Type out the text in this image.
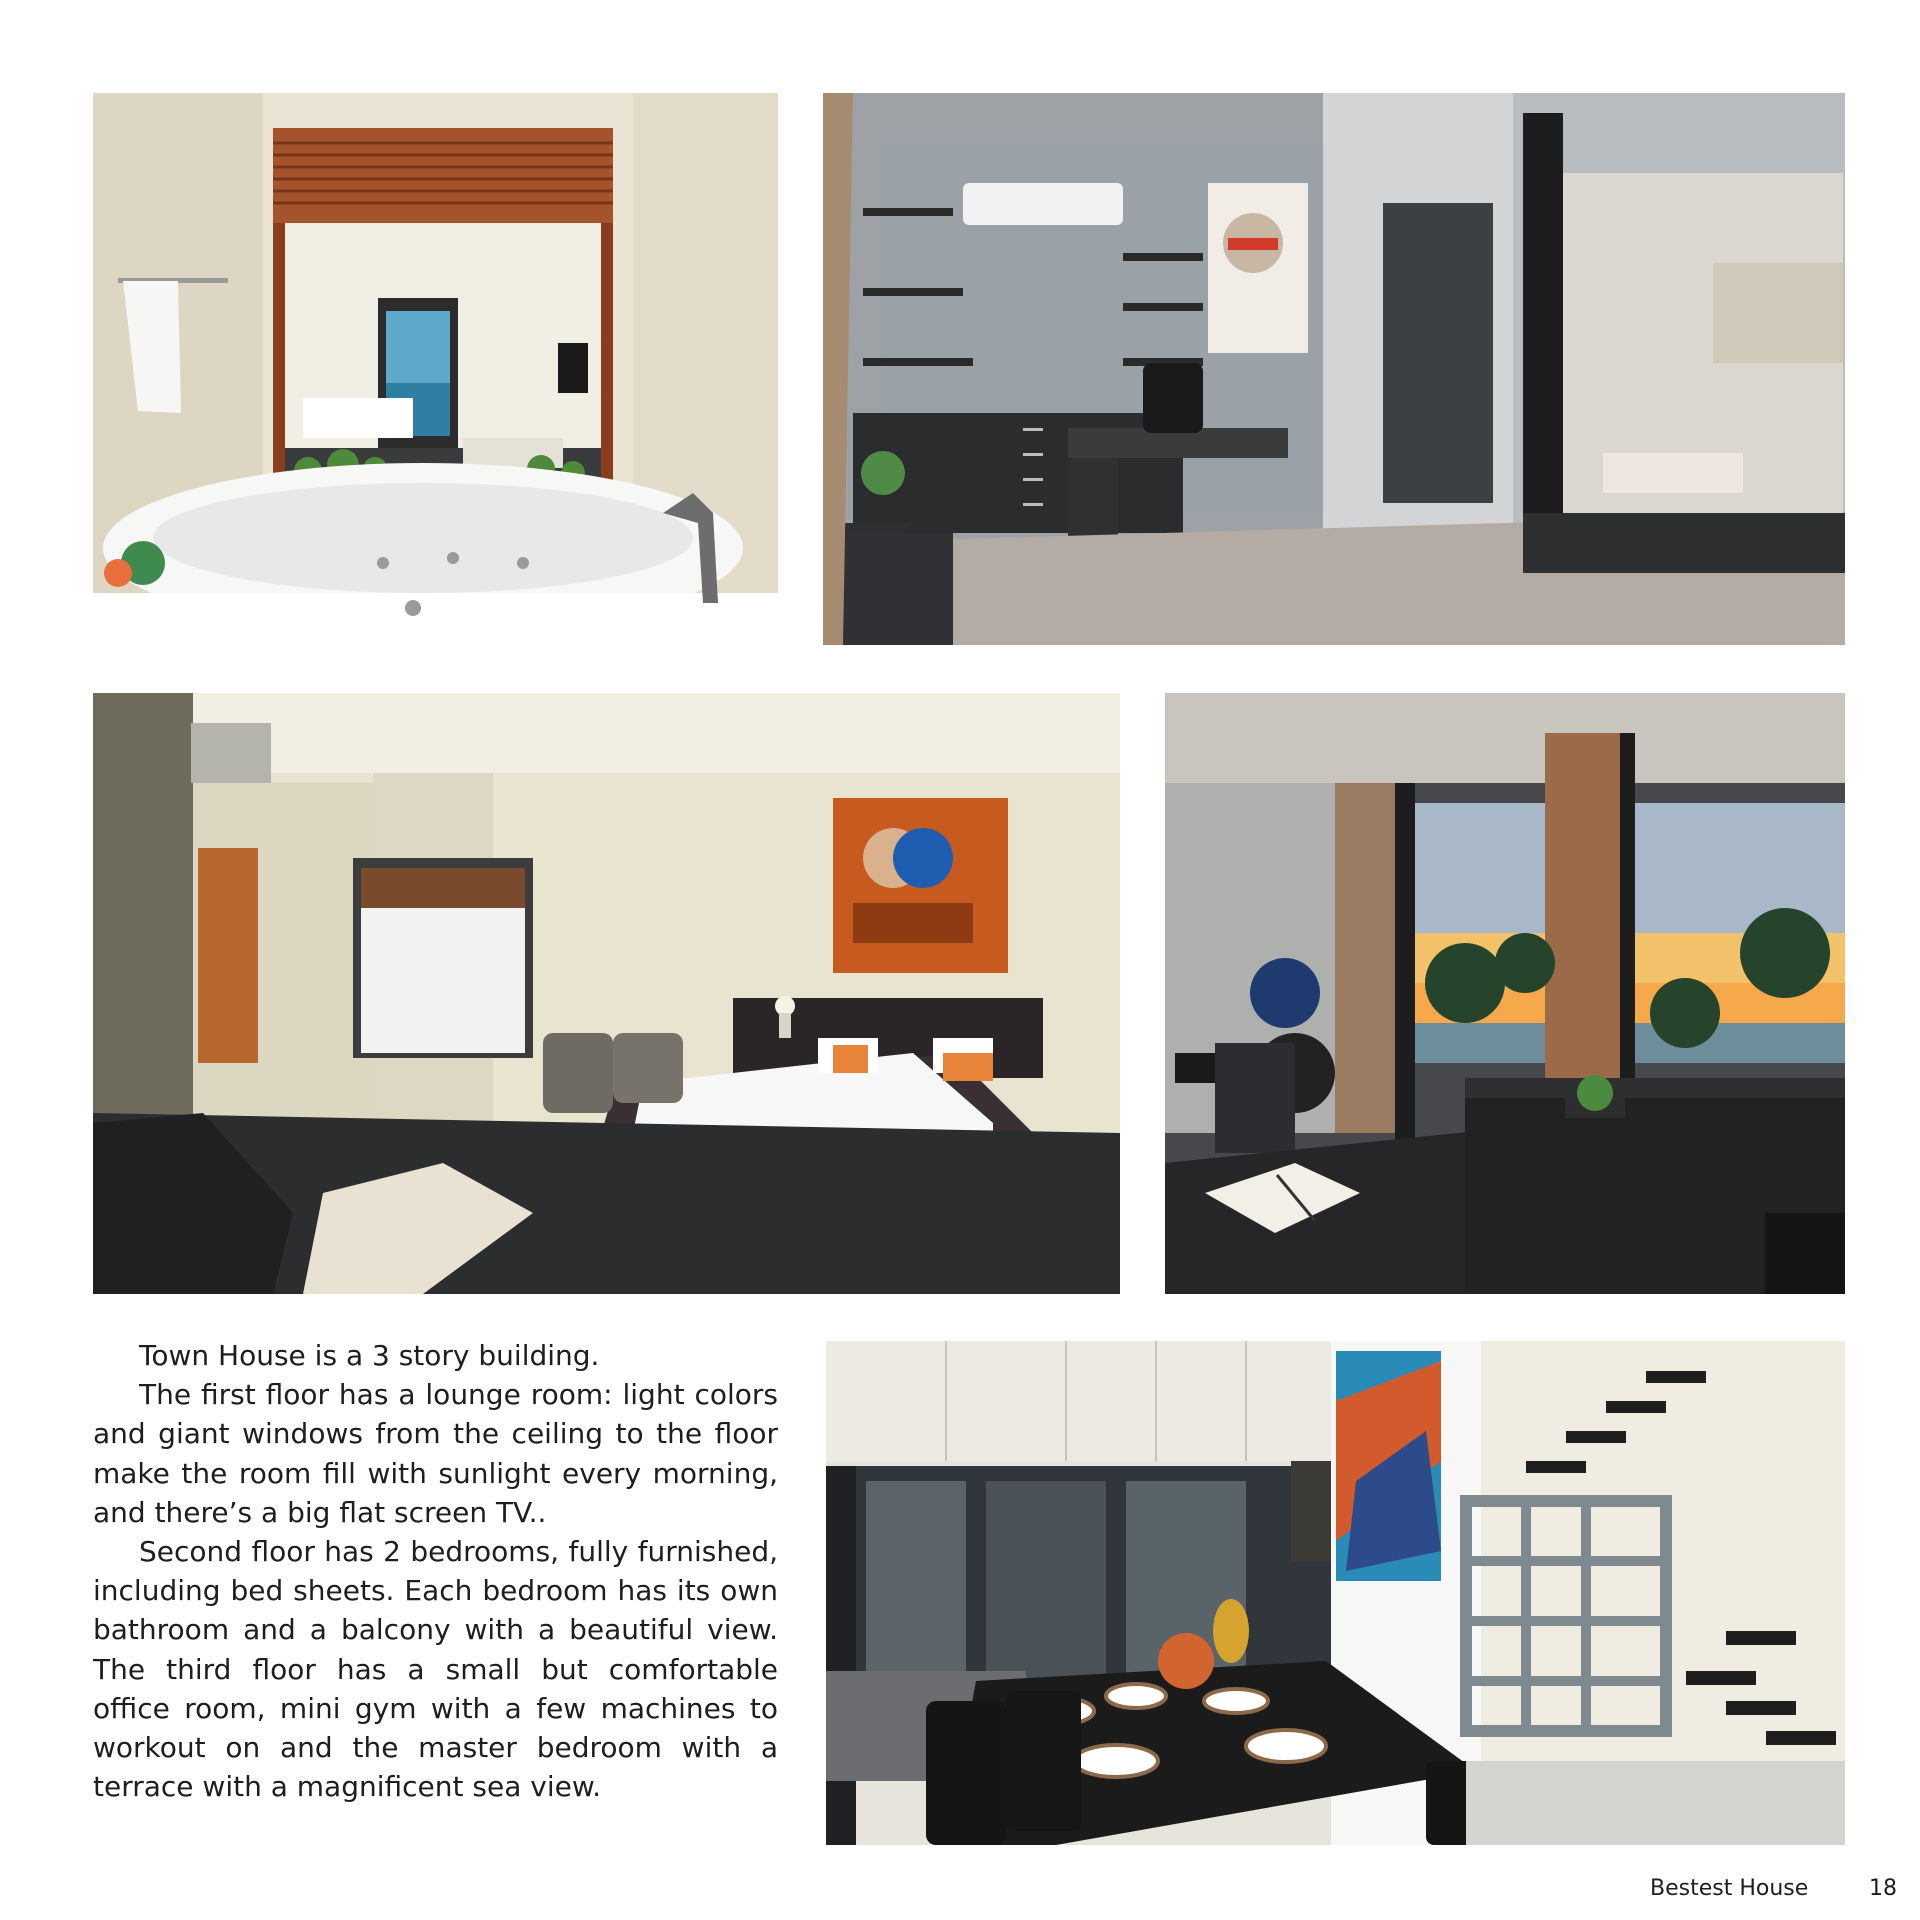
Town House is a 3 story building.

The first floor has a lounge room: light colors and giant windows from the ceiling to the floor make the room fill with sunlight every morning, and there’s a big flat screen TV..

Second floor has 2 bedrooms, fully furnished, including bed sheets. Each bedroom has its own bathroom and a balcony with a beautiful view. The third floor has a small but comfortable office room, mini gym with a few machines to workout on and the master bedroom with a terrace with a magnificent sea view.

Bestest House	18
